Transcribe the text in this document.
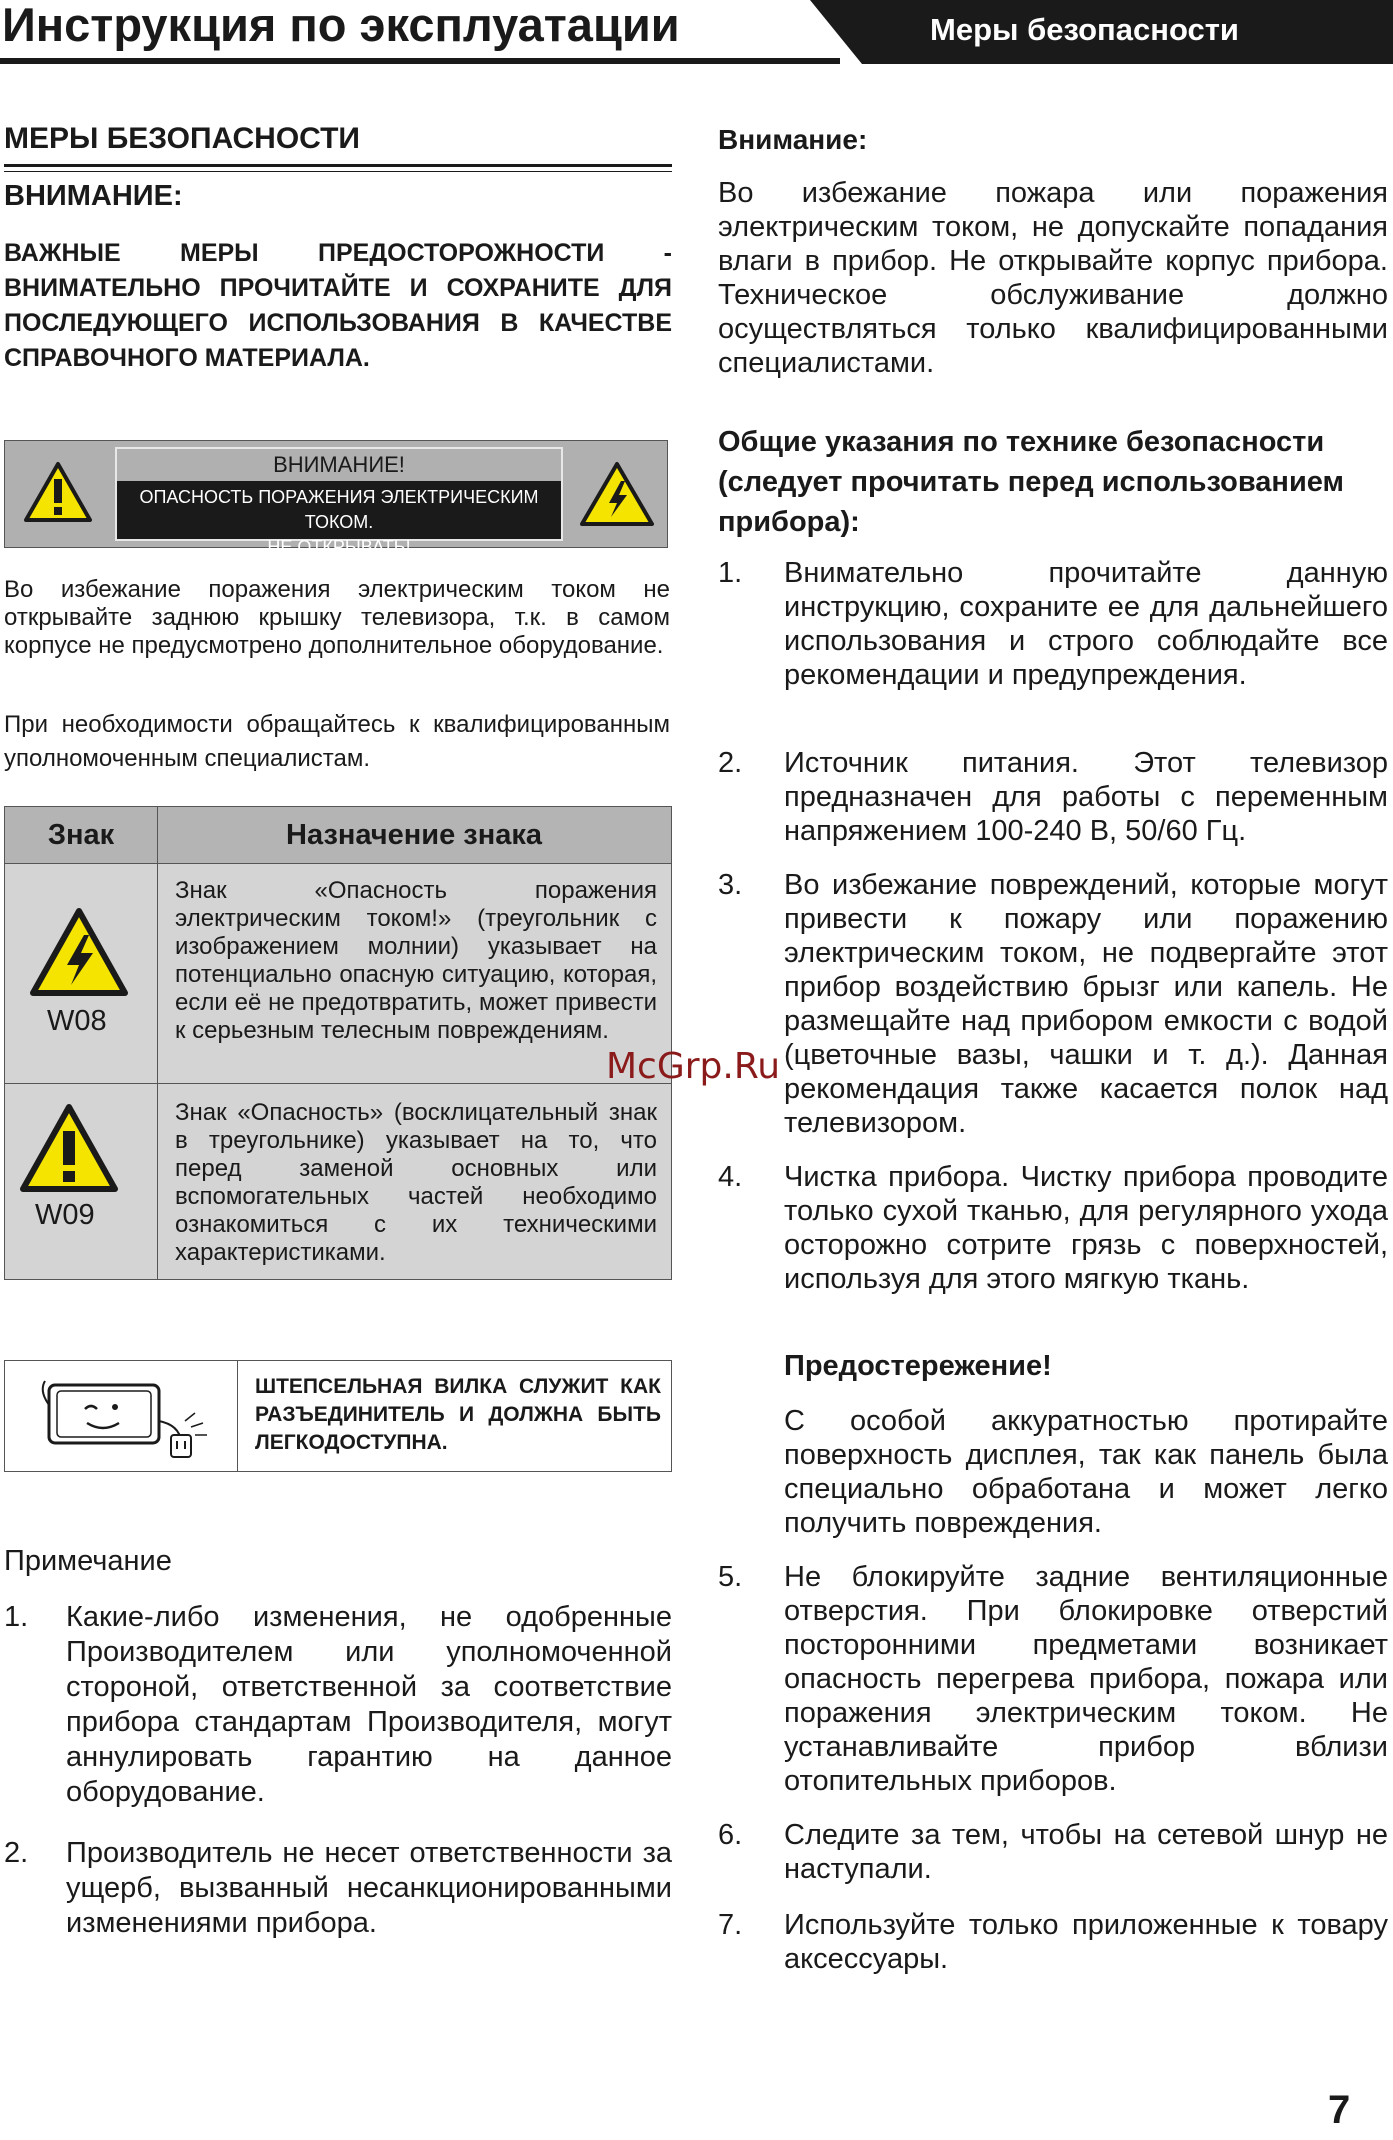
Инструкция по эксплуатации	Меры безопасности
МЕРЫ БЕЗОПАСНОСТИ
ВНИМАНИЕ:
ВАЖНЫЕ МЕРЫ ПРЕДОСТОРОЖНОСТИ - ВНИМАТЕЛЬНО ПРОЧИТАЙТЕ И СОХРАНИТЕ ДЛЯ ПОСЛЕДУЮЩЕГО ИСПОЛЬЗОВАНИЯ В КАЧЕСТВЕ СПРАВОЧНОГО МАТЕРИАЛА.
ВНИМАНИЕ!
ОПАСНОСТЬ ПОРАЖЕНИЯ ЭЛЕКТРИЧЕСКИМ ТОКОМ.
НЕ ОТКРЫВАТЬ!
Во избежание поражения электрическим током не открывайте заднюю крышку телевизора, т.к. в самом корпусе не предусмотрено дополнительное оборудование.
При необходимости обращайтесь к квалифицированным уполномоченным специалистам.
Знак	Назначение знака
W08
Знак «Опасность поражения электрическим током!» (треугольник с изображением молнии) указывает на потенциально опасную ситуацию, которая, если её не предотвратить, может привести к серьезным телесным повреждениям.
W09
Знак «Опасность» (восклицательный знак в треугольнике) указывает на то, что перед заменой основных или вспомогательных частей необходимо ознакомиться с их техническими характеристиками.
ШТЕПСЕЛЬНАЯ ВИЛКА СЛУЖИТ КАК РАЗЪЕДИНИТЕЛЬ И ДОЛЖНА БЫТЬ ЛЕГКОДОСТУПНА.
Примечание
1. Какие-либо изменения, не одобренные Производителем или уполномоченной стороной, ответственной за соответствие прибора стандартам Производителя, могут аннулировать гарантию на данное оборудование.
2. Производитель не несет ответственности за ущерб, вызванный несанкционированными изменениями прибора.
Внимание:
Во избежание пожара или поражения электрическим током, не допускайте попадания влаги в прибор. Не открывайте корпус прибора. Техническое обслуживание должно осуществляться только квалифицированными специалистами.
Общие указания по технике безопасности (следует прочитать перед использованием прибора):
1. Внимательно прочитайте данную инструкцию, сохраните ее для дальнейшего использования и строго соблюдайте все рекомендации и предупреждения.
2. Источник питания. Этот телевизор предназначен для работы с переменным напряжением 100-240 В, 50/60 Гц.
3. Во избежание повреждений, которые могут привести к пожару или поражению электрическим током, не подвергайте этот прибор воздействию брызг или капель. Не размещайте над прибором емкости с водой (цветочные вазы, чашки и т. д.). Данная рекомендация также касается полок над телевизором.
4. Чистка прибора. Чистку прибора проводите только сухой тканью, для регулярного ухода осторожно сотрите грязь с поверхностей, используя для этого мягкую ткань.
Предостережение!
С особой аккуратностью протирайте поверхность дисплея, так как панель была специально обработана и может легко получить повреждения.
5. Не блокируйте задние вентиляционные отверстия. При блокировке отверстий посторонними предметами возникает опасность перегрева прибора, пожара или поражения электрическим током. Не устанавливайте прибор вблизи отопительных приборов.
6. Следите за тем, чтобы на сетевой шнур не наступали.
7. Используйте только приложенные к товару аксессуары.
McGrp.Ru
7
